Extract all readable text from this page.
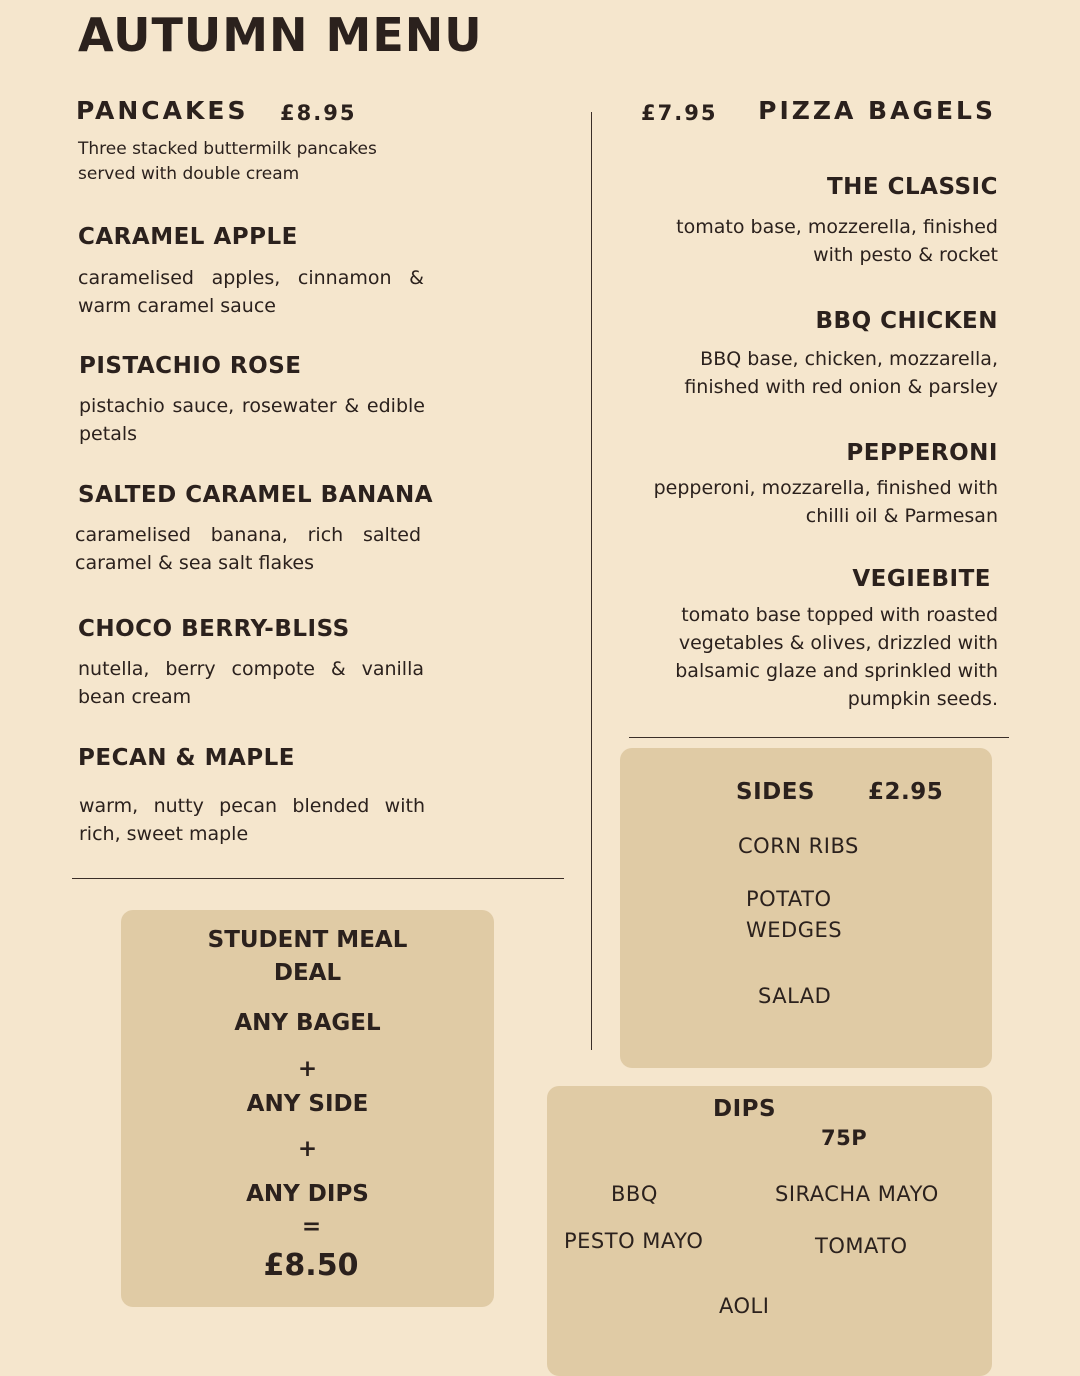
AUTUMN MENU
PANCAKES £8.95
Three stacked buttermilk pancakes served with double cream
CARAMEL APPLE
caramelised apples, cinnamon & warm caramel sauce
PISTACHIO ROSE
pistachio sauce, rosewater & edible petals
SALTED CARAMEL BANANA
caramelised banana, rich salted caramel & sea salt flakes
CHOCO BERRY-BLISS
nutella, berry compote & vanilla bean cream
PECAN & MAPLE
warm, nutty pecan blended with rich, sweet maple
£7.95 PIZZA BAGELS
THE CLASSIC
tomato base, mozzerella, finished with pesto & rocket
BBQ CHICKEN
BBQ base, chicken, mozzarella, finished with red onion & parsley
PEPPERONI
pepperoni, mozzarella, finished with chilli oil & Parmesan
VEGIEBITE
tomato base topped with roasted vegetables & olives, drizzled with balsamic glaze and sprinkled with pumpkin seeds.
SIDES £2.95
CORN RIBS
POTATO
WEDGES
SALAD
STUDENT MEAL
DEAL
ANY BAGEL
+
ANY SIDE
+
ANY DIPS
=
£8.50
DIPS
75P
BBQ	SIRACHA MAYO
PESTO MAYO	TOMATO
AOLI
